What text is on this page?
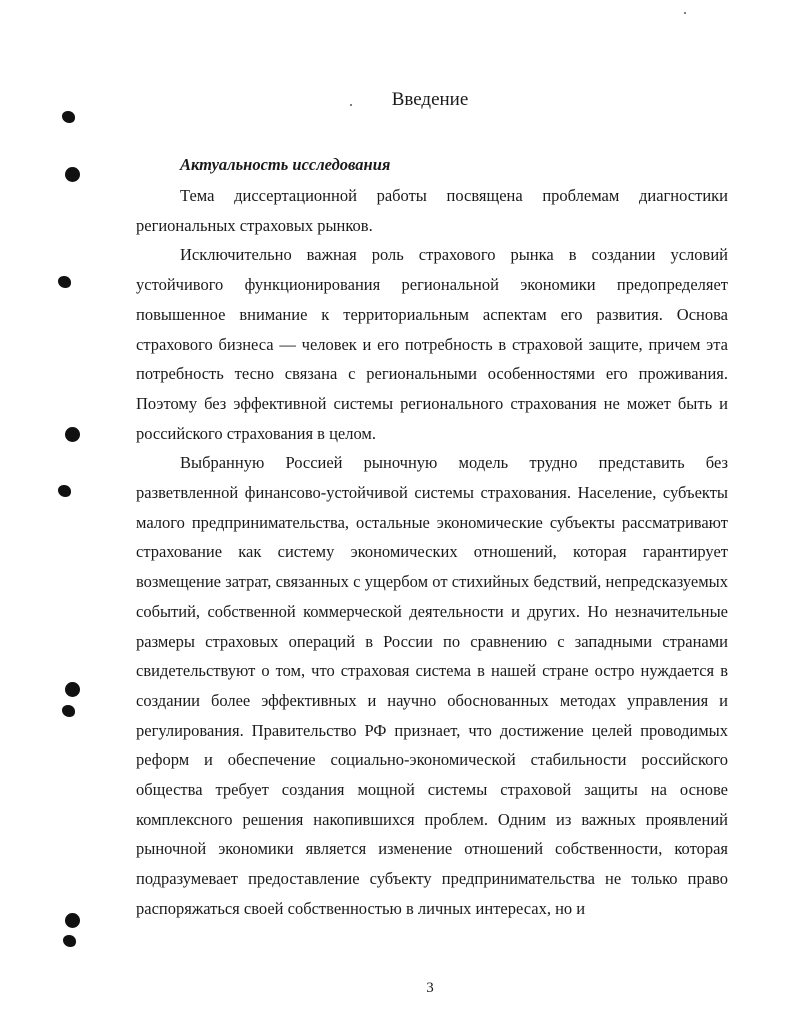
Введение
Актуальность исследования

Тема диссертационной работы посвящена проблемам диагностики региональных страховых рынков.

Исключительно важная роль страхового рынка в создании условий устойчивого функционирования региональной экономики предопределяет повышенное внимание к территориальным аспектам его развития. Основа страхового бизнеса — человек и его потребность в страховой защите, причем эта потребность тесно связана с региональными особенностями его проживания. Поэтому без эффективной системы регионального страхования не может быть и российского страхования в целом.

Выбранную Россией рыночную модель трудно представить без разветвленной финансово-устойчивой системы страхования. Население, субъекты малого предпринимательства, остальные экономические субъекты рассматривают страхование как систему экономических отношений, которая гарантирует возмещение затрат, связанных с ущербом от стихийных бедствий, непредсказуемых событий, собственной коммерческой деятельности и других. Но незначительные размеры страховых операций в России по сравнению с западными странами свидетельствуют о том, что страховая система в нашей стране остро нуждается в создании более эффективных и научно обоснованных методах управления и регулирования. Правительство РФ признает, что достижение целей проводимых реформ и обеспечение социально-экономической стабильности российского общества требует создания мощной системы страховой защиты на основе комплексного решения накопившихся проблем. Одним из важных проявлений рыночной экономики является изменение отношений собственности, которая подразумевает предоставление субъекту предпринимательства не только право распоряжаться своей собственностью в личных интересах, но и

3
